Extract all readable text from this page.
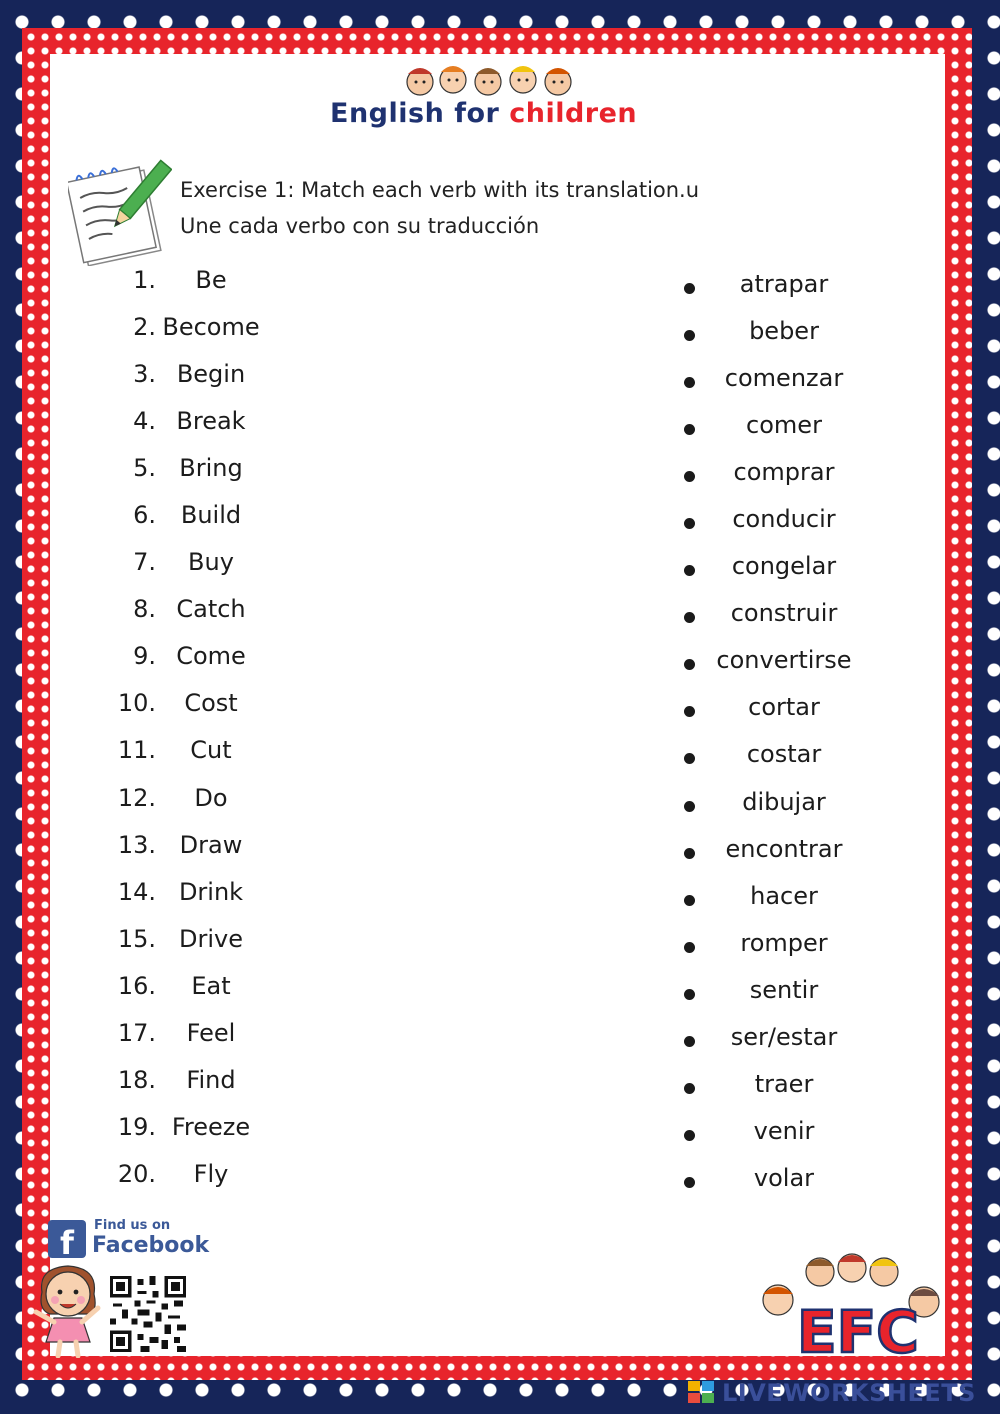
English for children
Exercise 1: Match each verb with its translation.u
Une cada verbo con su traducción
1.	Be
2. Become
3. Begin
4. Break
5. Bring
6.	Build
7.	Buy
8. Catch
9. Come
10.	Cost
11.	Cut
12.	Do
13. Draw
14. Drink
15. Drive
16.	Eat
17.	Feel
18.	Find
19. Freeze
20.	Fly
atrapar
beber
comenzar
comer
comprar
conducir
congelar
construir
convertirse
cortar
costar
dibujar
encontrar
hacer
romper
sentir
ser/estar
traer
venir
volar
f Find us on
Facebook
EFC
LIVEWORKSHEETS
